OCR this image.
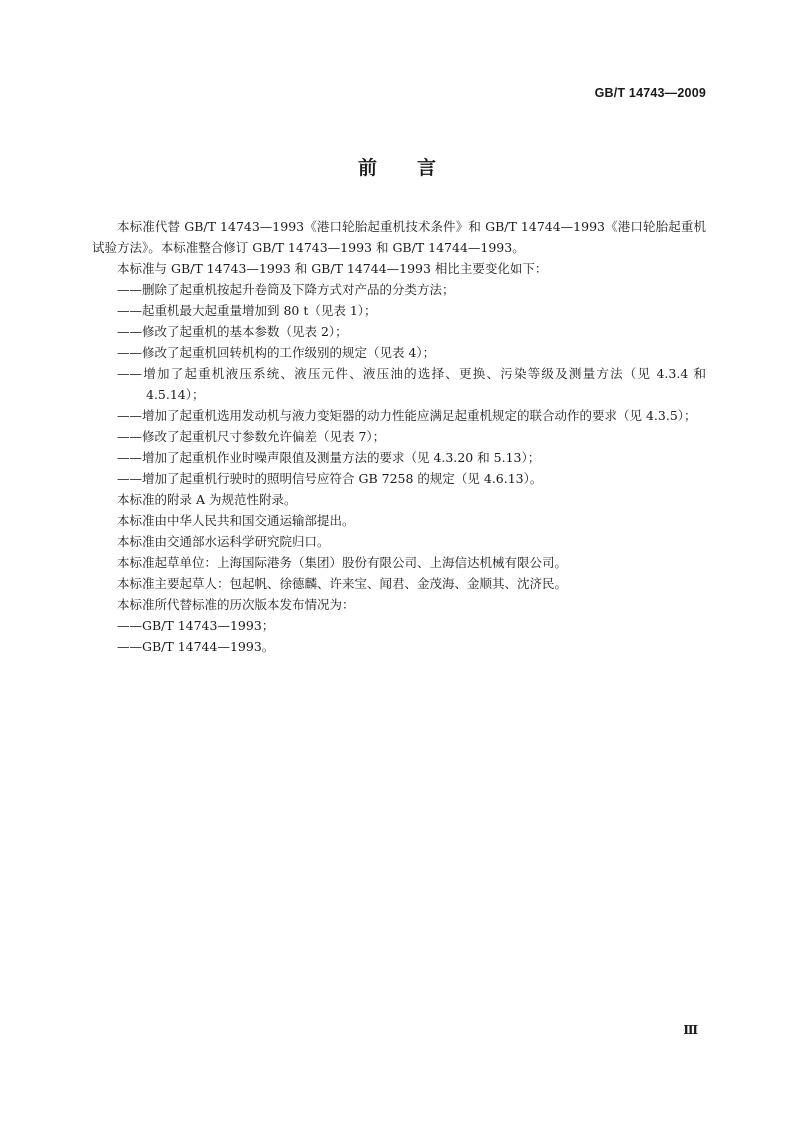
GB/T 14743—2009
前言

本标准代替 GB/T 14743—1993《港口轮胎起重机技术条件》和 GB/T 14744—1993《港口轮胎起重机试验方法》。本标准整合修订 GB/T 14743—1993 和 GB/T 14744—1993。

本标准与 GB/T 14743—1993 和 GB/T 14744—1993 相比主要变化如下：

——删除了起重机按起升卷筒及下降方式对产品的分类方法；

——起重机最大起重量增加到 80 t（见表 1）；

——修改了起重机的基本参数（见表 2）；

——修改了起重机回转机构的工作级别的规定（见表 4）；

——增加了起重机液压系统、液压元件、液压油的选择、更换、污染等级及测量方法（见 4.3.4 和 4.5.14）；

——增加了起重机选用发动机与液力变矩器的动力性能应满足起重机规定的联合动作的要求（见 4.3.5）；

——修改了起重机尺寸参数允许偏差（见表 7）；

——增加了起重机作业时噪声限值及测量方法的要求（见 4.3.20 和 5.13）；

——增加了起重机行驶时的照明信号应符合 GB 7258 的规定（见 4.6.13）。

本标准的附录 A 为规范性附录。

本标准由中华人民共和国交通运输部提出。

本标准由交通部水运科学研究院归口。

本标准起草单位：上海国际港务（集团）股份有限公司、上海信达机械有限公司。

本标准主要起草人：包起帆、徐德麟、许来宝、闻君、金茂海、金顺其、沈济民。

本标准所代替标准的历次版本发布情况为：

——GB/T 14743—1993；

——GB/T 14744—1993。

Ⅲ
